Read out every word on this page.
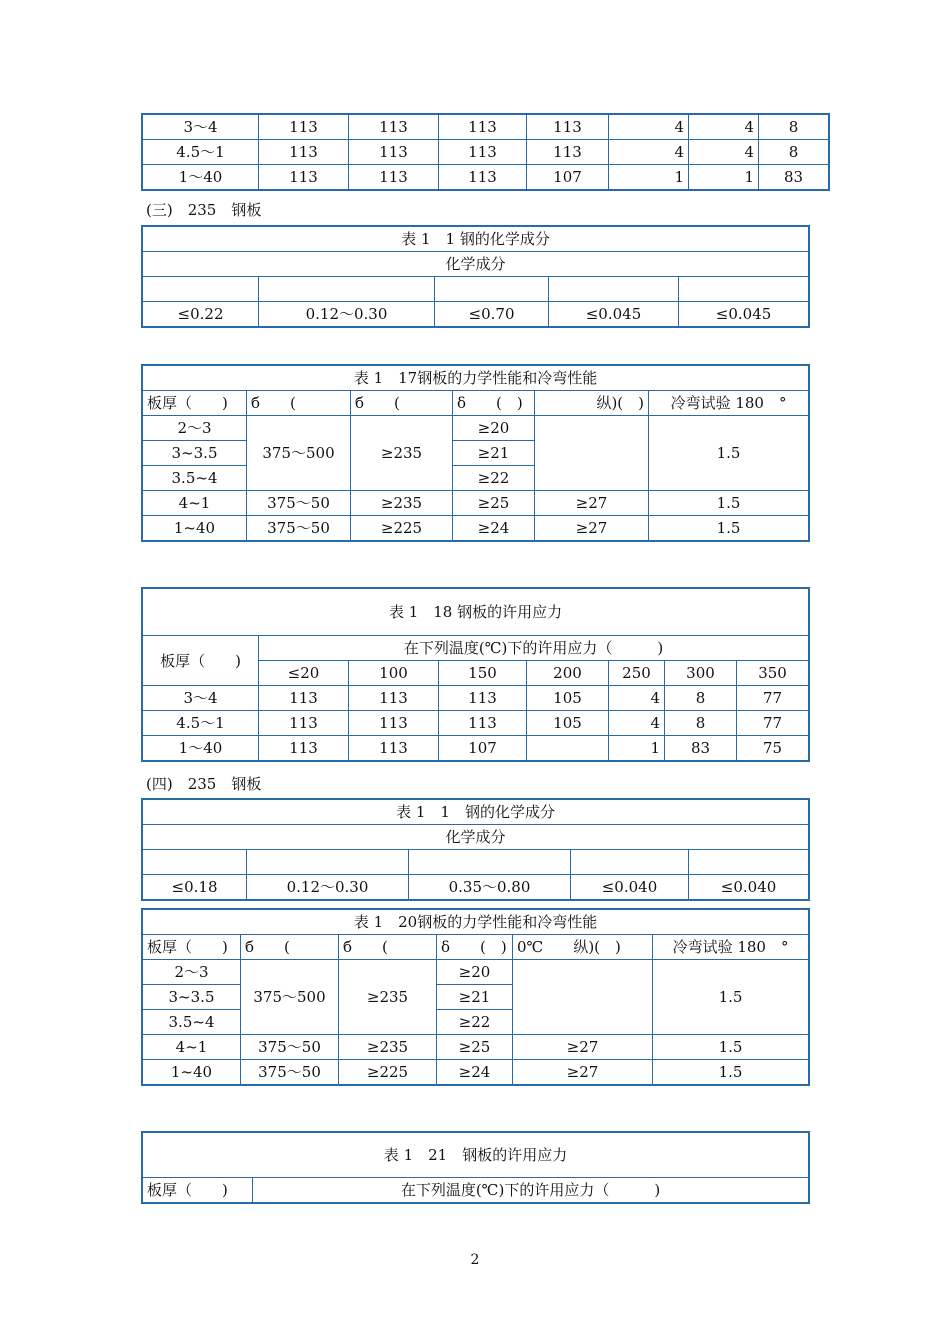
3～4	113	113	113	113	4	4	8
4.5～1	113	113	113	113	4	4	8
1～40	113	113	113	107	1	1	83
(三)　235　钢板
表 1　1 钢的化学成分				
化学成分				

≤0.22	0.12～0.30	≤0.70	≤0.045	≤0.045
表 1　17钢板的力学性能和冷弯性能					
板厚（　　)	б　　(	б　　(	δ　　(　)	纵)(　)	冷弯试验 180　°
2～3	375～500	≥235	≥20		1.5
3~3.5			≥21		
3.5~4			≥22		
4~1	375～50	≥235	≥25	≥27	1.5
1~40	375～50	≥225	≥24	≥27	1.5
表 1　18 钢板的许用应力							
板厚（　　)	在下列温度(℃)下的许用应力（　　　)						
	≤20	100	150	200	250	300	350
3～4	113	113	113	105	4	8	77
4.5～1	113	113	113	105	4	8	77
1～40	113	113	107		1	83	75
(四)　235　钢板
表 1　1　钢的化学成分				
化学成分				

≤0.18	0.12～0.30	0.35～0.80	≤0.040	≤0.040
表 1　20钢板的力学性能和冷弯性能					
板厚（　　)	б　　(	б　　(	δ　　(　)	0℃　　纵)(　)	冷弯试验 180　°
2～3	375～500	≥235	≥20		1.5
3~3.5			≥21		
3.5~4			≥22		
4~1	375～50	≥235	≥25	≥27	1.5
1~40	375～50	≥225	≥24	≥27	1.5
表 1　21　钢板的许用应力
板厚（　　)	在下列温度(℃)下的许用应力（　　　)
2
